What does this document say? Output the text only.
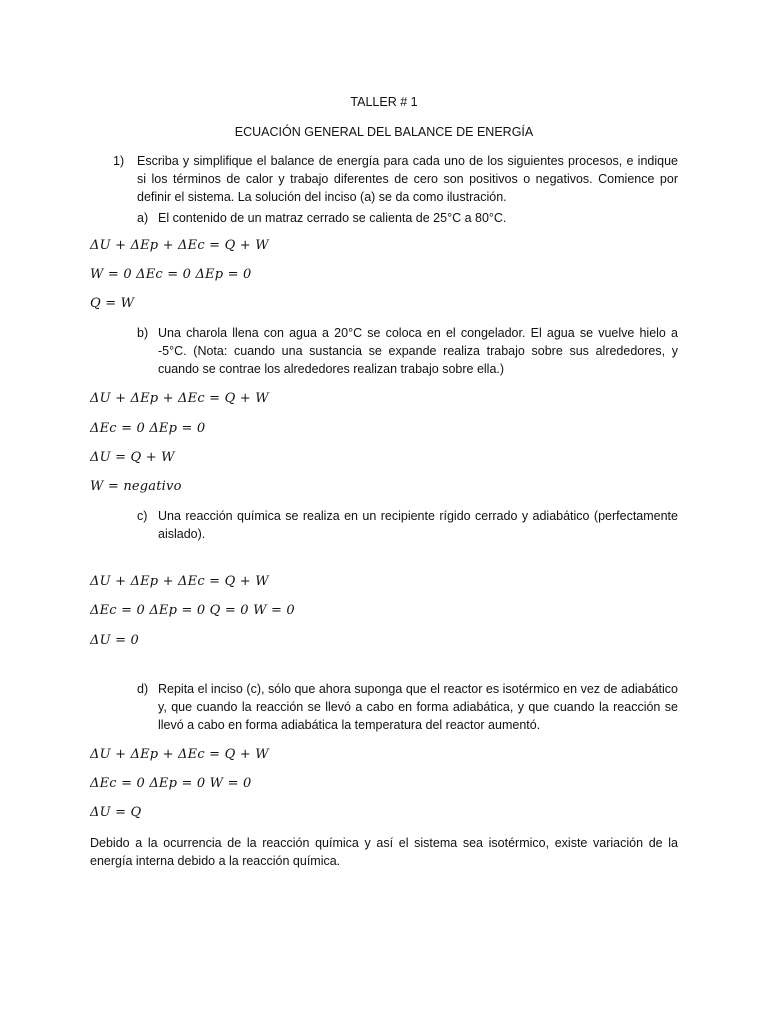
TALLER # 1
ECUACIÓN GENERAL DEL BALANCE DE ENERGÍA
1) Escriba y simplifique el balance de energía para cada uno de los siguientes procesos, e indique si los términos de calor y trabajo diferentes de cero son positivos o negativos. Comience por definir el sistema. La solución del inciso (a) se da como ilustración.
a) El contenido de un matraz cerrado se calienta de 25°C a 80°C.
ΔU + ΔEp + ΔEc = Q + W
W = 0 ΔEc = 0 ΔEp = 0
Q = W
b) Una charola llena con agua a 20°C se coloca en el congelador. El agua se vuelve hielo a -5°C. (Nota: cuando una sustancia se expande realiza trabajo sobre sus alrededores, y cuando se contrae los alrededores realizan trabajo sobre ella.)
ΔU + ΔEp + ΔEc = Q + W
ΔEc = 0 ΔEp = 0
ΔU = Q + W
W = negativo
c) Una reacción química se realiza en un recipiente rígido cerrado y adiabático (perfectamente aislado).
ΔU + ΔEp + ΔEc = Q + W
ΔEc = 0 ΔEp = 0 Q = 0 W = 0
ΔU = 0
d) Repita el inciso (c), sólo que ahora suponga que el reactor es isotérmico en vez de adiabático y, que cuando la reacción se llevó a cabo en forma adiabática, y que cuando la reacción se llevó a cabo en forma adiabática la temperatura del reactor aumentó.
ΔU + ΔEp + ΔEc = Q + W
ΔEc = 0 ΔEp = 0 W = 0
ΔU = Q
Debido a la ocurrencia de la reacción química y así el sistema sea isotérmico, existe variación de la energía interna debido a la reacción química.
